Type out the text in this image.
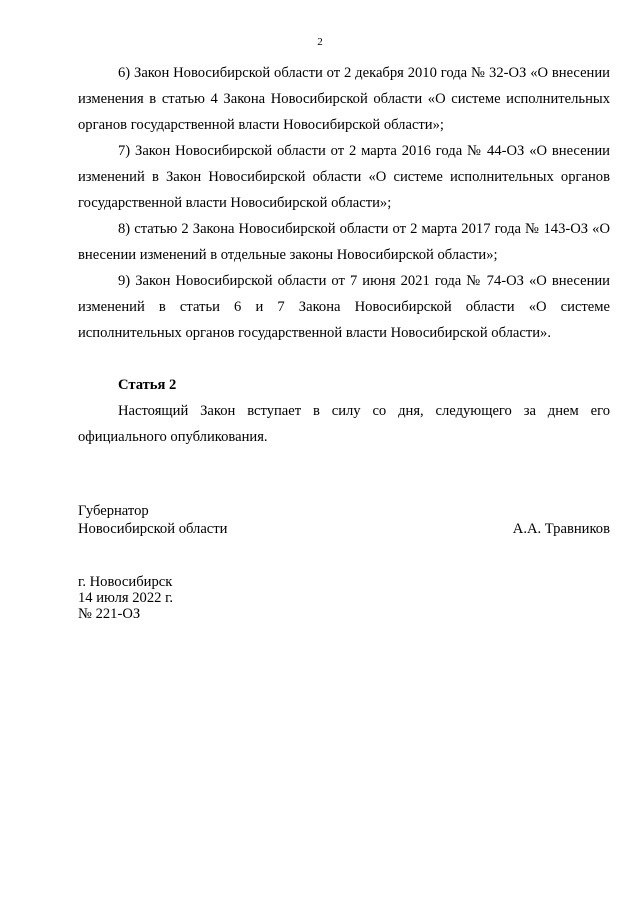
2

6) Закон Новосибирской области от 2 декабря 2010 года № 32-ОЗ «О внесении изменения в статью 4 Закона Новосибирской области «О системе исполнительных органов государственной власти Новосибирской области»;

7) Закон Новосибирской области от 2 марта 2016 года № 44-ОЗ «О внесении изменений в Закон Новосибирской области «О системе исполнительных органов государственной власти Новосибирской области»;

8) статью 2 Закона Новосибирской области от 2 марта 2017 года № 143-ОЗ «О внесении изменений в отдельные законы Новосибирской области»;

9) Закон Новосибирской области от 7 июня 2021 года № 74-ОЗ «О внесении изменений в статьи 6 и 7 Закона Новосибирской области «О системе исполнительных органов государственной власти Новосибирской области».

Статья 2

Настоящий Закон вступает в силу со дня, следующего за днем его официального опубликования.

Губернатор
Новосибирской области	А.А. Травников
г. Новосибирск
14 июля 2022 г.
№ 221-ОЗ
